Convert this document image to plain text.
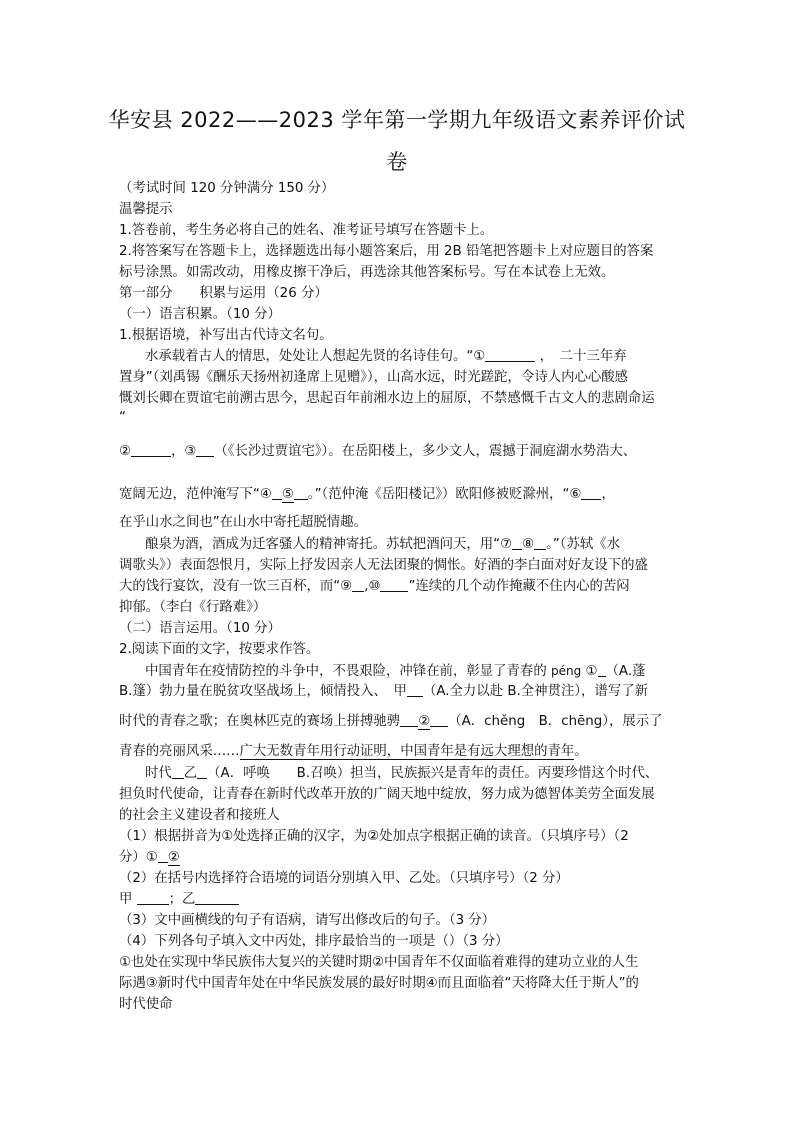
华安县 2022——2023 学年第一学期九年级语文素养评价试
卷
（考试时间 120 分钟满分 150 分）
温馨提示
1.答卷前，考生务必将自己的姓名、准考证号填写在答题卡上。
2.将答案写在答题卡上，选择题选出每小题答案后，用 2B 铅笔把答题卡上对应题目的答案
标号涂黑。如需改动，用橡皮擦干净后，再选涂其他答案标号。写在本试卷上无效。
第一部分　　积累与运用（26 分）
（一）语言积累。（10 分）
1.根据语境，补写出古代诗文名句。
水承载着古人的情思，处处让人想起先贤的名诗佳句。“①	，　二十三年弃
置身”（刘禹锡《酬乐天扬州初逢席上见赠》），山高水远，时光蹉跎，令诗人内心心酸感
慨刘长卿在贾谊宅前溯古思今，思起百年前湘水边上的屈原，不禁感慨千古文人的悲剧命运
“
②	，③ （《长沙过贾谊宅》）。在岳阳楼上，多少文人，震撼于洞庭湖水势浩大、
宽阔无边，范仲淹写下“④ ⑤ 。”（范仲淹《岳阳楼记》）欧阳修被贬滁州，“⑥ ，
在乎山水之间也”在山水中寄托超脱情趣。
酿泉为酒，酒成为迁客骚人的精神寄托。苏轼把酒问天，用“⑦ ⑧ 。”（苏轼《水
调歌头》）表面怨恨月，实际上抒发因亲人无法团聚的惆怅。好酒的李白面对好友设下的盛
大的饯行宴饮，没有一饮三百杯，而“⑨ ,⑩ ”连续的几个动作掩藏不住内心的苦闷
抑郁。（李白《行路难》）
（二）语言运用。（10 分）
2.阅读下面的文字，按要求作答。
中国青年在疫情防控的斗争中，不畏艰险，冲锋在前，彰显了青春的 péng ① （A.蓬
B.篷）勃力量在脱贫攻坚战场上，倾情投入、　甲 （A.全力以赴 B.全神贯注），谱写了新
时代的青春之歌；在奥林匹克的赛场上拼搏驰骋 ② （A．chěng　B．chēng），展示了
青春的亮丽风采……广大无数青年用行动证明，中国青年是有远大理想的青年。
时代 乙 （A．呼唤　　B.召唤）担当，民族振兴是青年的责任。丙要珍惜这个时代、
担负时代使命，让青春在新时代改革开放的广阔天地中绽放，努力成为德智体美劳全面发展
的社会主义建设者和接班人
（1）根据拼音为①处选择正确的汉字，为②处加点字根据正确的读音。（只填序号）（2
分）① ②
（2）在括号内选择符合语境的词语分别填入甲、乙处。（只填序号）（2 分）
甲	；乙
（3）文中画横线的句子有语病，请写出修改后的句子。（3 分）
（4）下列各句子填入文中丙处，排序最恰当的一项是（）（3 分）
①也处在实现中华民族伟大复兴的关键时期②中国青年不仅面临着难得的建功立业的人生
际遇③新时代中国青年处在中华民族发展的最好时期④而且面临着“天将降大任于斯人”的
时代使命
